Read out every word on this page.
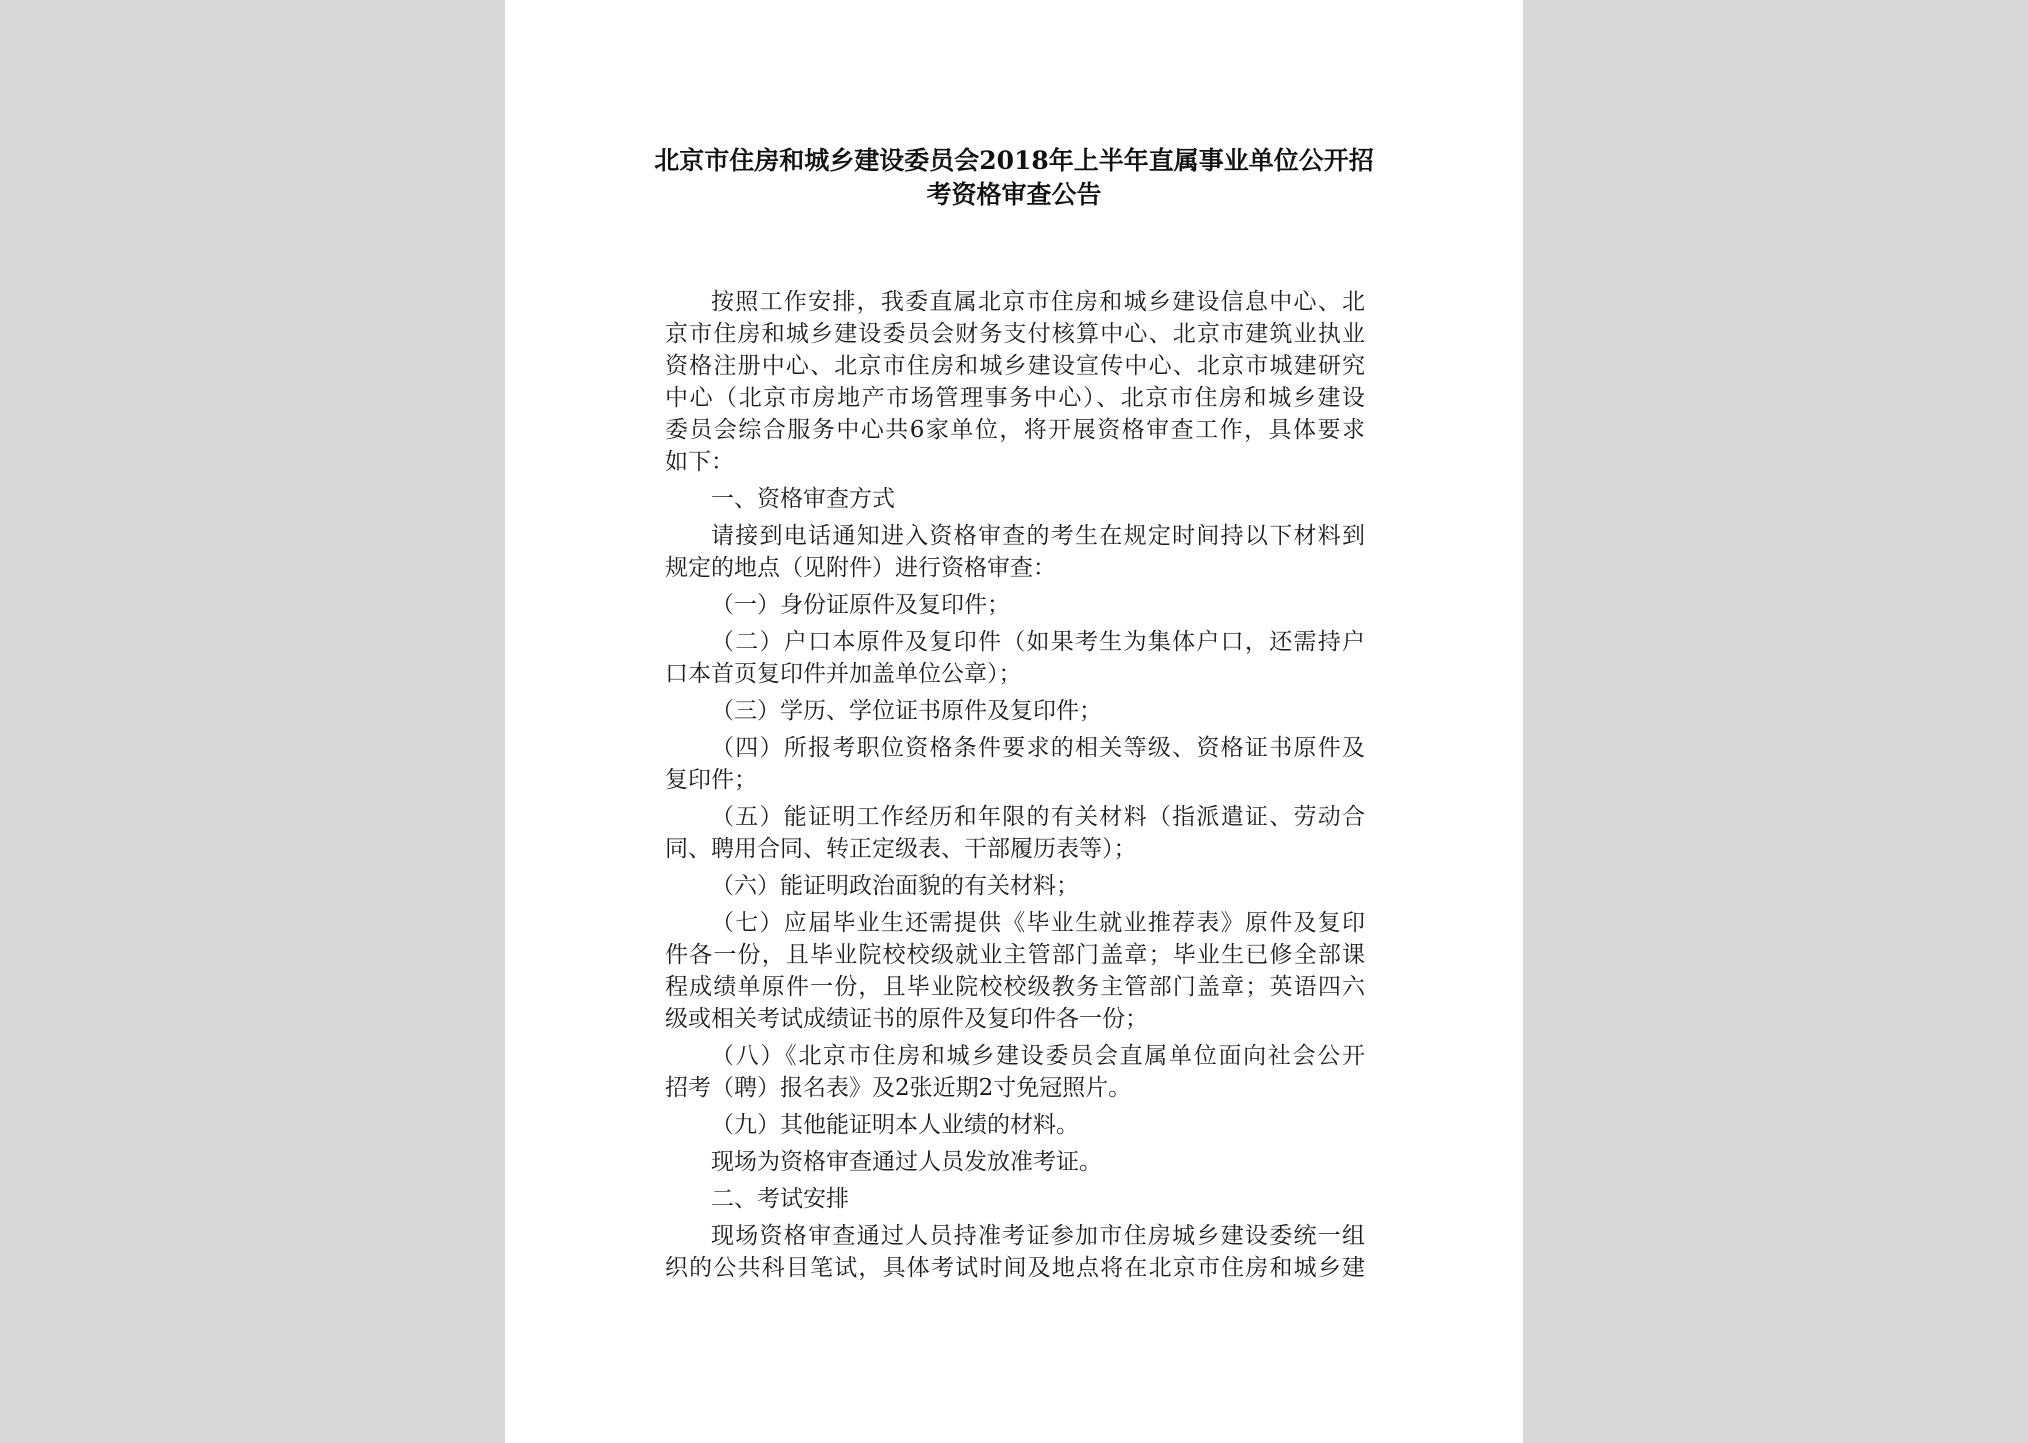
北京市住房和城乡建设委员会2018年上半年直属事业单位公开招
考资格审查公告
按照工作安排，我委直属北京市住房和城乡建设信息中心、北
京市住房和城乡建设委员会财务支付核算中心、北京市建筑业执业
资格注册中心、北京市住房和城乡建设宣传中心、北京市城建研究
中心（北京市房地产市场管理事务中心）、北京市住房和城乡建设
委员会综合服务中心共6家单位，将开展资格审查工作，具体要求
如下：
一、资格审查方式
请接到电话通知进入资格审查的考生在规定时间持以下材料到
规定的地点（见附件）进行资格审查：
（一）身份证原件及复印件；
（二）户口本原件及复印件（如果考生为集体户口，还需持户
口本首页复印件并加盖单位公章）；
（三）学历、学位证书原件及复印件；
（四）所报考职位资格条件要求的相关等级、资格证书原件及
复印件；
（五）能证明工作经历和年限的有关材料（指派遣证、劳动合
同、聘用合同、转正定级表、干部履历表等）；
（六）能证明政治面貌的有关材料；
（七）应届毕业生还需提供《毕业生就业推荐表》原件及复印
件各一份，且毕业院校校级就业主管部门盖章；毕业生已修全部课
程成绩单原件一份，且毕业院校校级教务主管部门盖章；英语四六
级或相关考试成绩证书的原件及复印件各一份；
（八）《北京市住房和城乡建设委员会直属单位面向社会公开
招考（聘）报名表》及2张近期2寸免冠照片。
（九）其他能证明本人业绩的材料。
现场为资格审查通过人员发放准考证。
二、考试安排
现场资格审查通过人员持准考证参加市住房城乡建设委统一组
织的公共科目笔试，具体考试时间及地点将在北京市住房和城乡建
